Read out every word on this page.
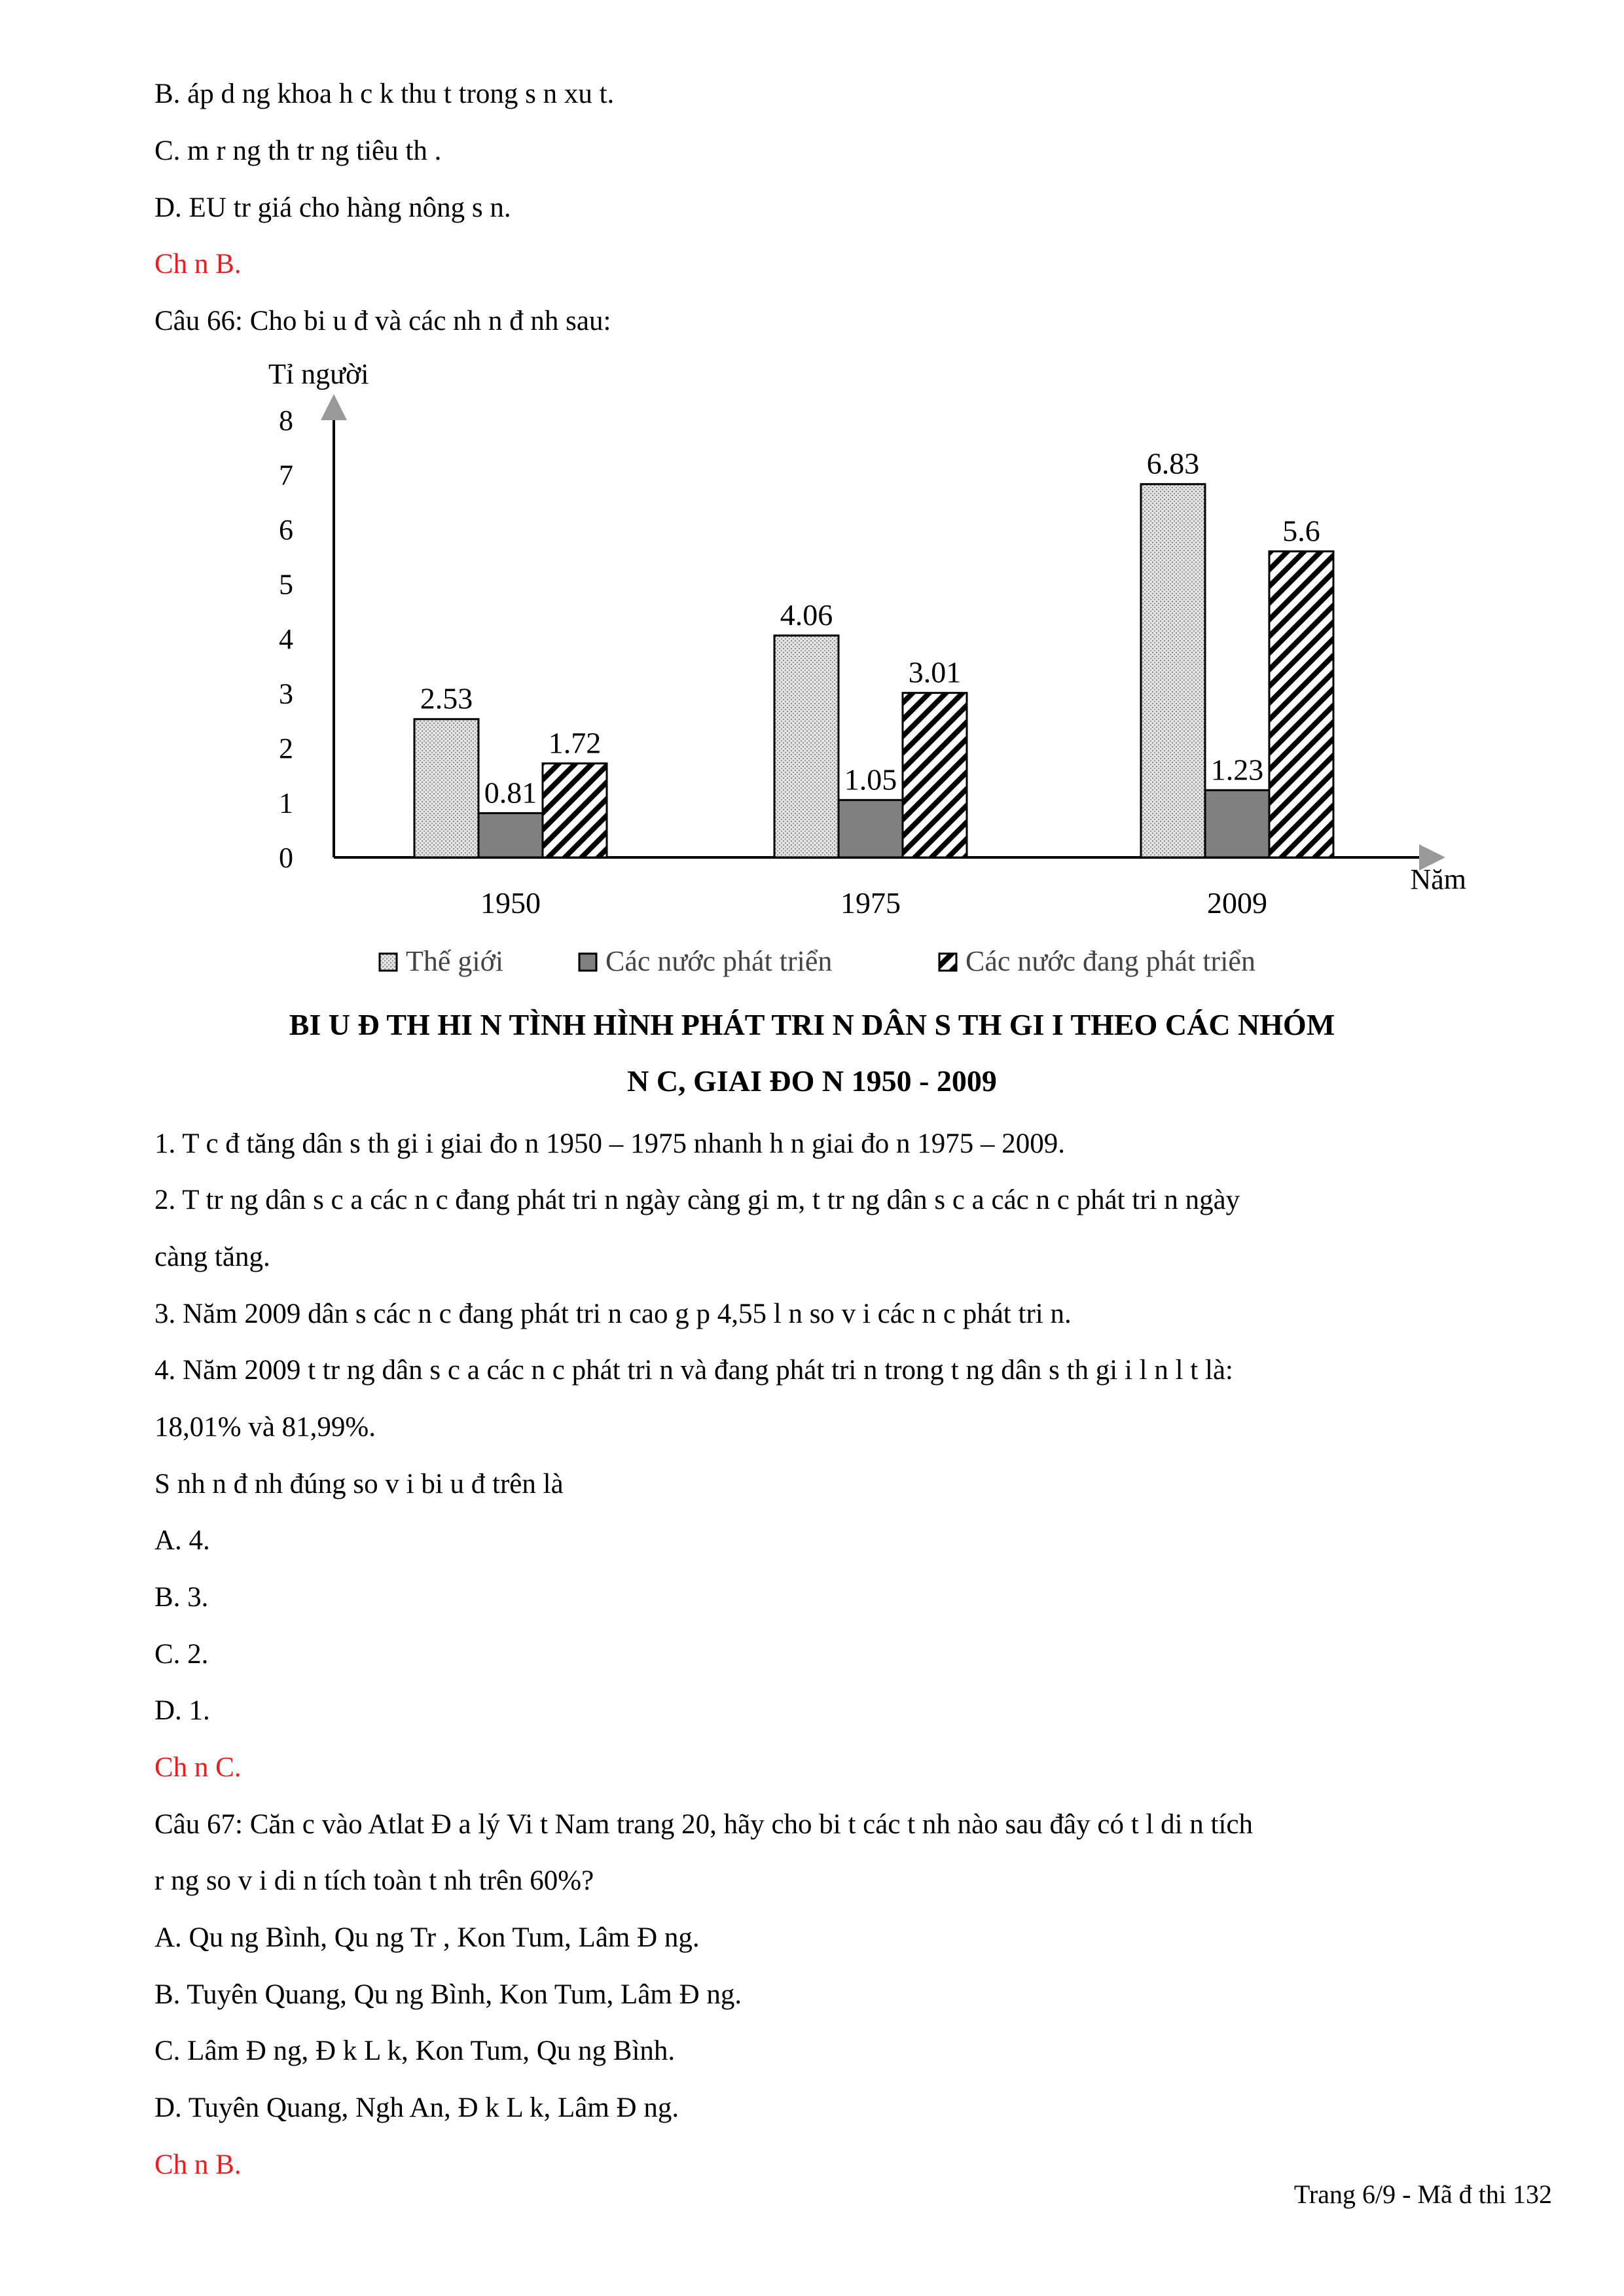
B. áp d ng khoa h c k thu t trong s n xu t.
C. m r ng th tr ng tiêu th .
D. EU tr giá cho hàng nông s n.
Ch n B.
Câu 66: Cho bi u đ và các nh n đ nh sau:
0
1
2
3
4
5
6
7
8
Tỉ người
Năm
2.53
0.81
1.72
1950
4.06
1.05
3.01
1975
6.83
1.23
5.6
2009
Thế giới	Các nước phát triển	Các nước đang phát triển
BI U Đ TH HI N TÌNH HÌNH PHÁT TRI N DÂN S TH GI I THEO CÁC NHÓM
N C, GIAI ĐO N 1950 - 2009
1. T c đ tăng dân s th gi i giai đo n 1950 – 1975 nhanh h n giai đo n 1975 – 2009.
2. T tr ng dân s c a các n c đang phát tri n ngày càng gi m, t tr ng dân s c a các n c phát tri n ngày
càng tăng.
3. Năm 2009 dân s các n c đang phát tri n cao g p 4,55 l n so v i các n c phát tri n.
4. Năm 2009 t tr ng dân s c a các n c phát tri n và đang phát tri n trong t ng dân s th gi i l n l t là:
18,01% và 81,99%.
S nh n đ nh đúng so v i bi u đ trên là
A. 4.
B. 3.
C. 2.
D. 1.
Ch n C.
Câu 67: Căn c vào Atlat Đ a lý Vi t Nam trang 20, hãy cho bi t các t nh nào sau đây có t l di n tích
r ng so v i di n tích toàn t nh trên 60%?
A. Qu ng Bình, Qu ng Tr , Kon Tum, Lâm Đ ng.
B. Tuyên Quang, Qu ng Bình, Kon Tum, Lâm Đ ng.
C. Lâm Đ ng, Đ k L k, Kon Tum, Qu ng Bình.
D. Tuyên Quang, Ngh An, Đ k L k, Lâm Đ ng.
Ch n B.
Trang 6/9 - Mã đ thi 132
